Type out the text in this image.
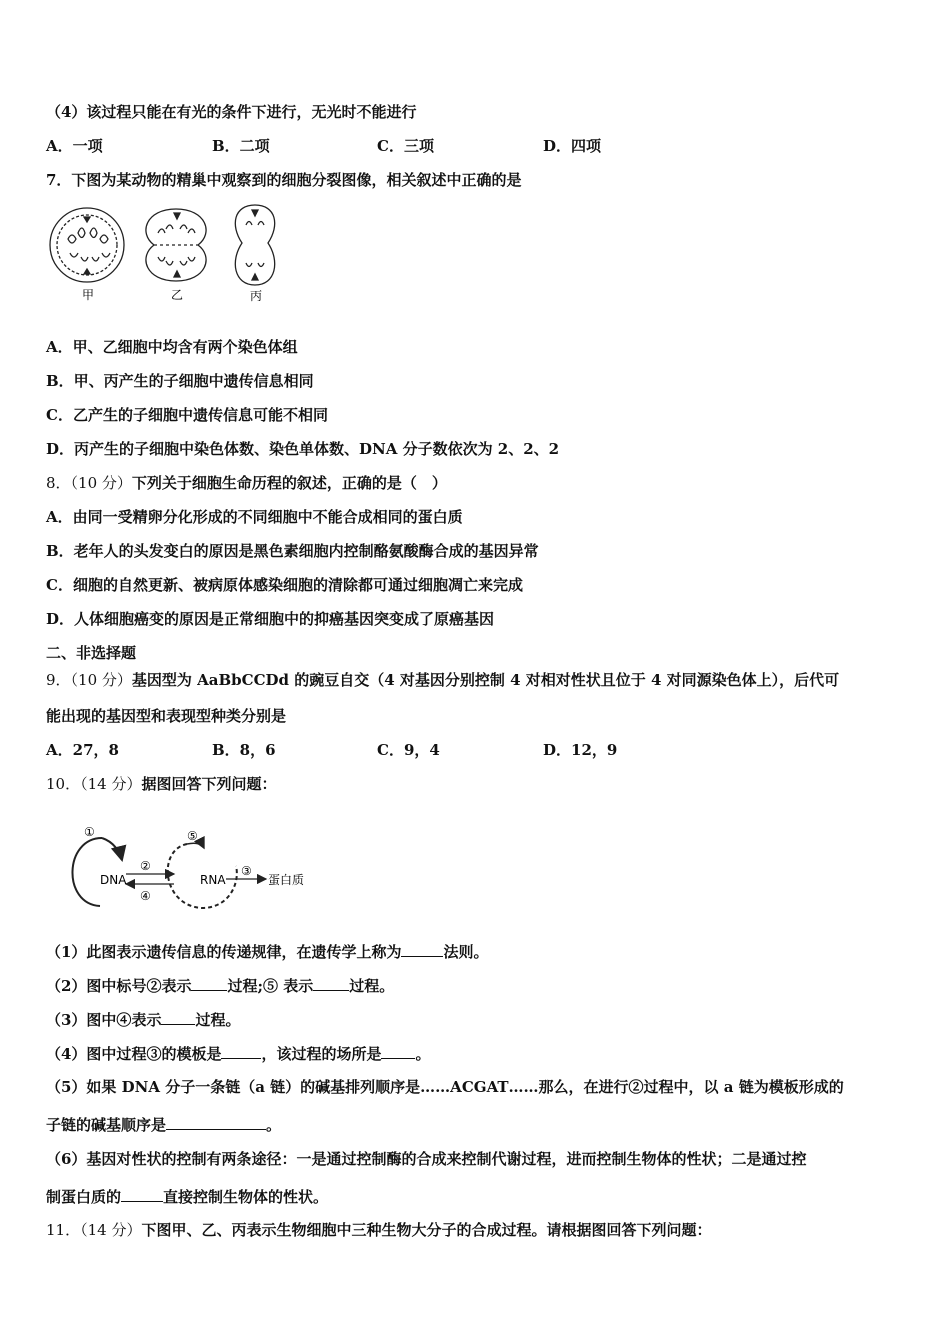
（4）该过程只能在有光的条件下进行，无光时不能进行
A．一项	B．二项	C．三项	D．四项
7．下图为某动物的精巢中观察到的细胞分裂图像，相关叙述中正确的是
甲	乙	丙
A．甲、乙细胞中均含有两个染色体组
B．甲、丙产生的子细胞中遗传信息相同
C．乙产生的子细胞中遗传信息可能不相同
D．丙产生的子细胞中染色体数、染色单体数、DNA 分子数依次为 2、2、2
8．（10 分）下列关于细胞生命历程的叙述，正确的是（　）
A．由同一受精卵分化形成的不同细胞中不能合成相同的蛋白质
B．老年人的头发变白的原因是黑色素细胞内控制酪氨酸酶合成的基因异常
C．细胞的自然更新、被病原体感染细胞的清除都可通过细胞凋亡来完成
D．人体细胞癌变的原因是正常细胞中的抑癌基因突变成了原癌基因
二、非选择题
9．（10 分）基因型为 AaBbCCDd 的豌豆自交（4 对基因分别控制 4 对相对性状且位于 4 对同源染色体上），后代可
能出现的基因型和表现型种类分别是
A．27，8	B．8，6	C．9，4	D．12，9
10．（14 分）据图回答下列问题：
DNA	RNA	蛋白质
①
②	③
④
⑤
（1）此图表示遗传信息的传递规律，在遗传学上称为	法则。
（2）图中标号②表示 过程;⑤ 表示 过程。
（3）图中④表示 过程。
（4）图中过程③的模板是	，该过程的场所是 。
（5）如果 DNA 分子一条链（a 链）的碱基排列顺序是……ACGAT……那么，在进行②过程中，以 a 链为模板形成的
子链的碱基顺序是	。
（6）基因对性状的控制有两条途径：一是通过控制酶的合成来控制代谢过程，进而控制生物体的性状；二是通过控
制蛋白质的	直接控制生物体的性状。
11．（14 分）下图甲、乙、丙表示生物细胞中三种生物大分子的合成过程。请根据图回答下列问题：
